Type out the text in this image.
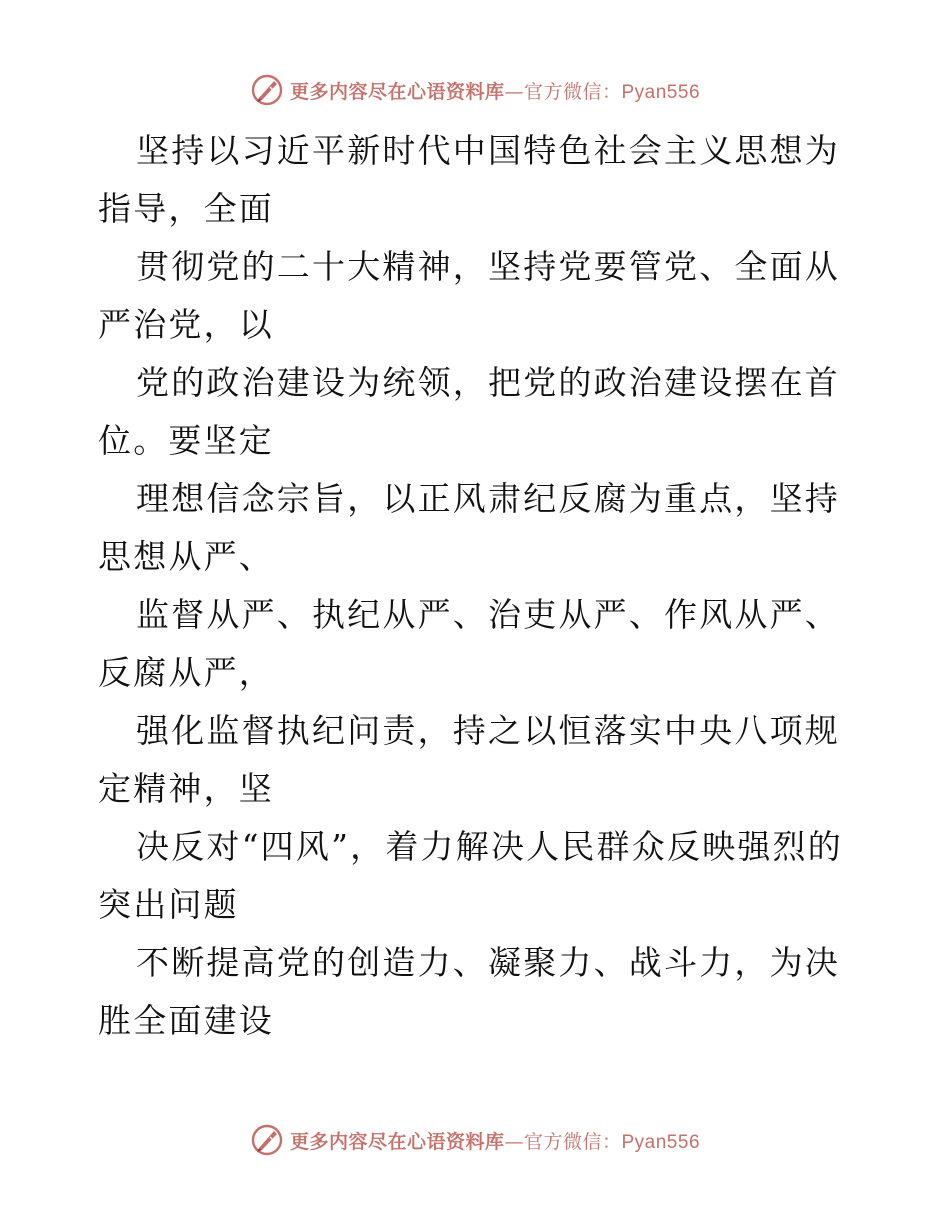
更多内容尽在心语资料库—官方微信：Pyan556

坚持以习近平新时代中国特色社会主义思想为指导，全面

贯彻党的二十大精神，坚持党要管党、全面从严治党，以

党的政治建设为统领，把党的政治建设摆在首位。要坚定

理想信念宗旨，以正风肃纪反腐为重点，坚持思想从严、

监督从严、执纪从严、治吏从严、作风从严、反腐从严，

强化监督执纪问责，持之以恒落实中央八项规定精神，坚

决反对“四风”，着力解决人民群众反映强烈的突出问题

不断提高党的创造力、凝聚力、战斗力，为决胜全面建设

更多内容尽在心语资料库—官方微信：Pyan556
